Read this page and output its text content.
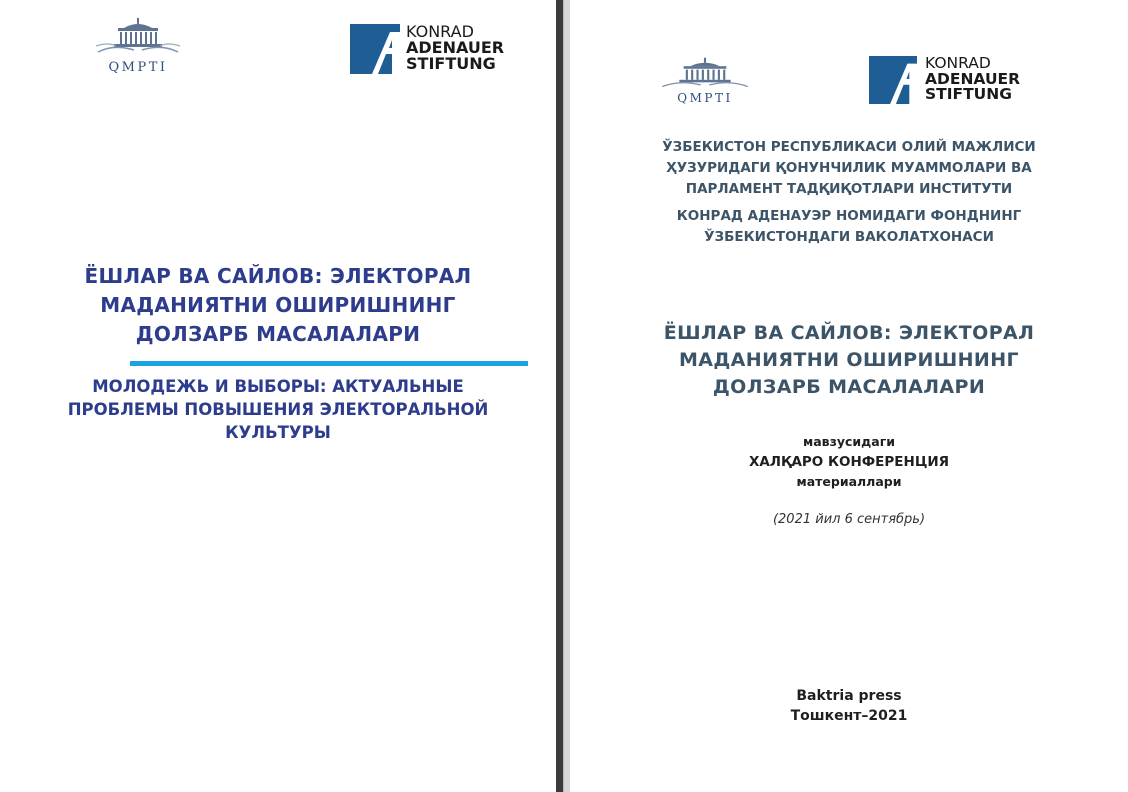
QMPTI
KONRAD
ADENAUER
STIFTUNG
ЁШЛАР ВА САЙЛОВ: ЭЛЕКТОРАЛ
МАДАНИЯТНИ ОШИРИШНИНГ
ДОЛЗАРБ МАСАЛАЛАРИ
МОЛОДЕЖЬ И ВЫБОРЫ: АКТУАЛЬНЫЕ
ПРОБЛЕМЫ ПОВЫШЕНИЯ ЭЛЕКТОРАЛЬНОЙ
КУЛЬТУРЫ
QMPTI
KONRAD
ADENAUER
STIFTUNG
ЎЗБЕКИСТОН РЕСПУБЛИКАСИ ОЛИЙ МАЖЛИСИ
ҲУЗУРИДАГИ ҚОНУНЧИЛИК МУАММОЛАРИ ВА
ПАРЛАМЕНТ ТАДҚИҚОТЛАРИ ИНСТИТУТИ
КОНРАД АДЕНАУЭР НОМИДАГИ ФОНДНИНГ
ЎЗБЕКИСТОНДАГИ ВАКОЛАТХОНАСИ
ЁШЛАР ВА САЙЛОВ: ЭЛЕКТОРАЛ
МАДАНИЯТНИ ОШИРИШНИНГ
ДОЛЗАРБ МАСАЛАЛАРИ
мавзусидаги
ХАЛҚАРО КОНФЕРЕНЦИЯ
материаллари
(2021 йил 6 сентябрь)
Baktria press
Тошкент–2021
